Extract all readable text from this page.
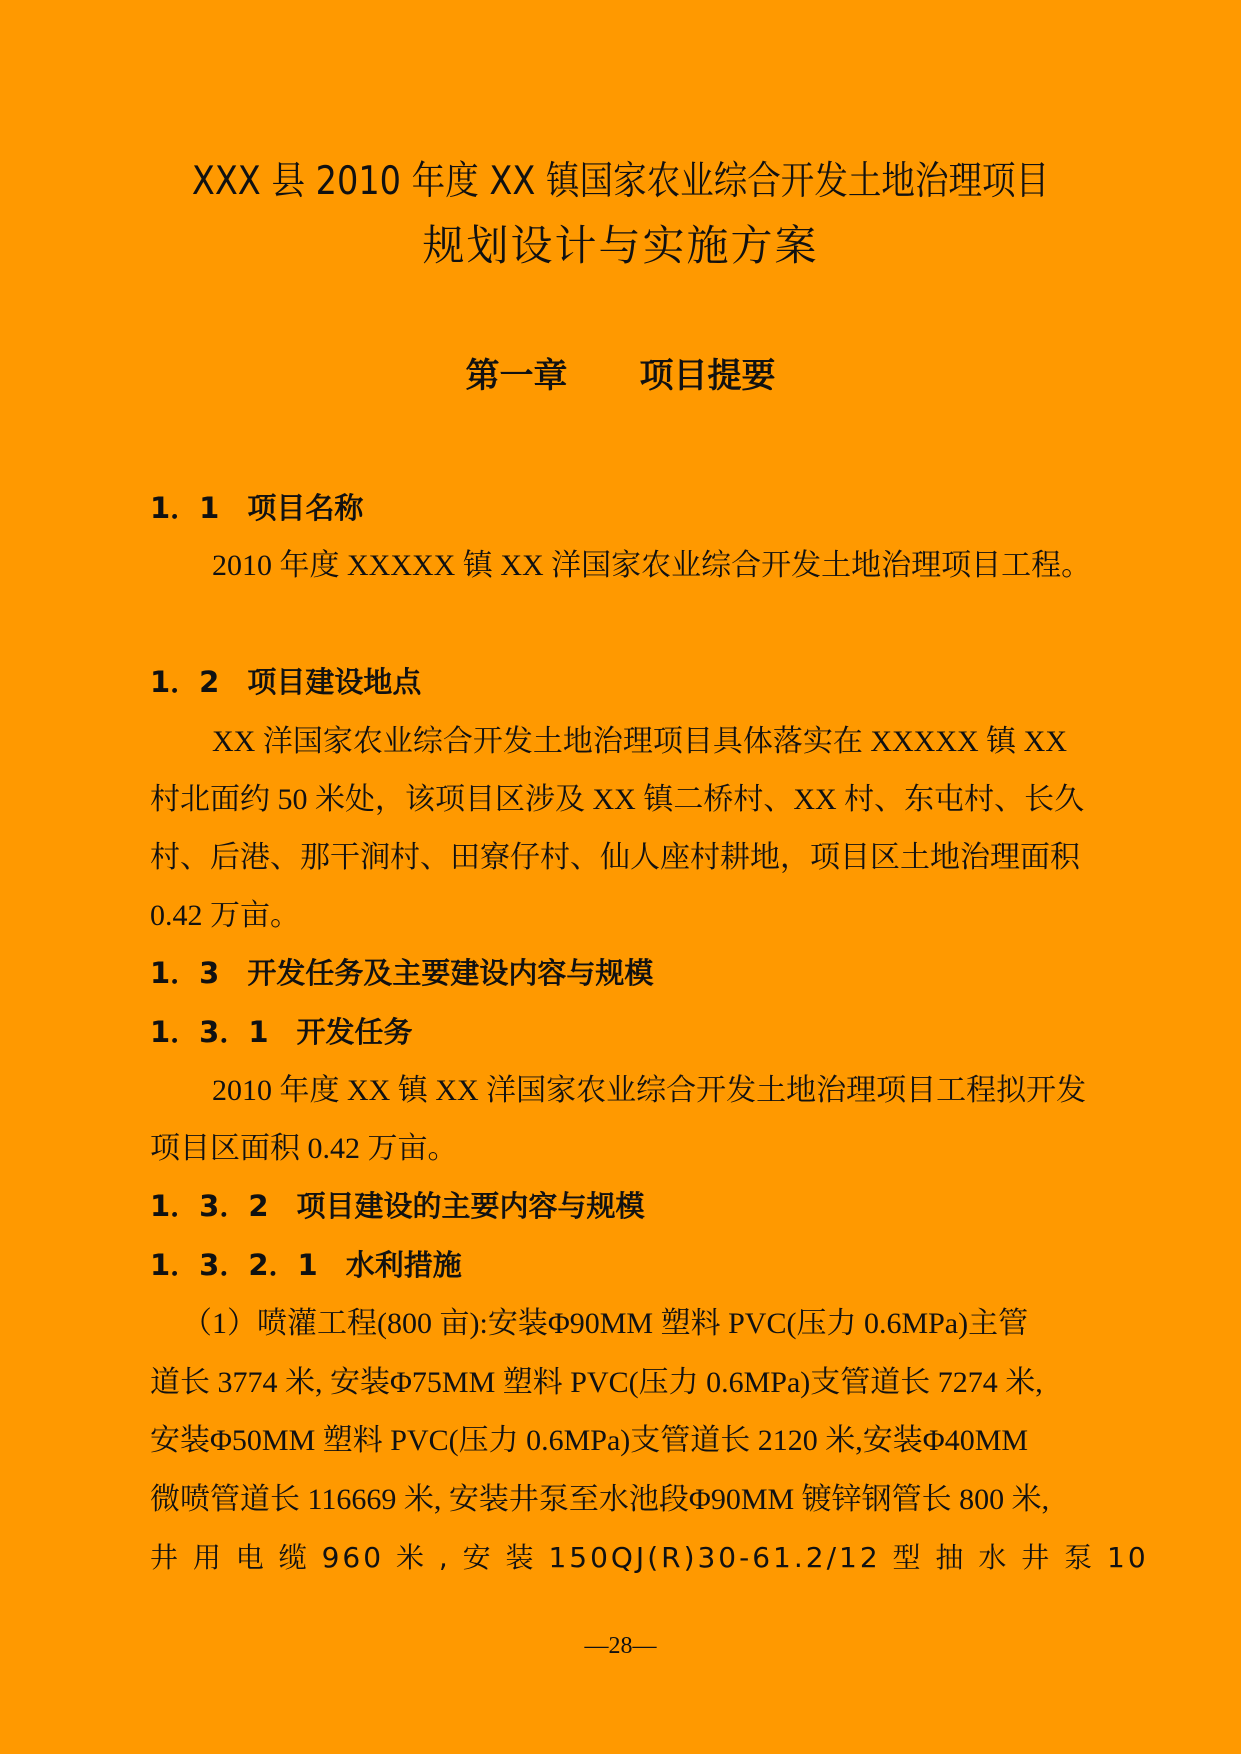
XXX 县 2010 年度 XX 镇国家农业综合开发土地治理项目
规划设计与实施方案
第一章 项目提要
1．1 项目名称
2010 年度 XXXXX 镇 XX 洋国家农业综合开发土地治理项目工程。
1．2 项目建设地点
XX 洋国家农业综合开发土地治理项目具体落实在 XXXXX 镇 XX 村北面约 50 米处，该项目区涉及 XX 镇二桥村、XX 村、东屯村、长久村、后港、那干涧村、田寮仔村、仙人座村耕地，项目区土地治理面积 0.42 万亩。
1．3 开发任务及主要建设内容与规模
1．3．1 开发任务
2010 年度 XX 镇 XX 洋国家农业综合开发土地治理项目工程拟开发项目区面积 0.42 万亩。
1．3．2 项目建设的主要内容与规模
1．3．2．1 水利措施
（1）喷灌工程(800 亩):安装Φ90MM 塑料 PVC(压力 0.6MPa)主管
道长 3774 米, 安装Φ75MM 塑料 PVC(压力 0.6MPa)支管道长 7274 米,
安装Φ50MM 塑料 PVC(压力 0.6MPa)支管道长 2120 米,安装Φ40MM
微喷管道长 116669 米, 安装井泵至水池段Φ90MM 镀锌钢管长 800 米,
井 用 电 缆 960 米 , 安 装 150QJ(R)30-61.2/12 型 抽 水 井 泵 10
—28—
